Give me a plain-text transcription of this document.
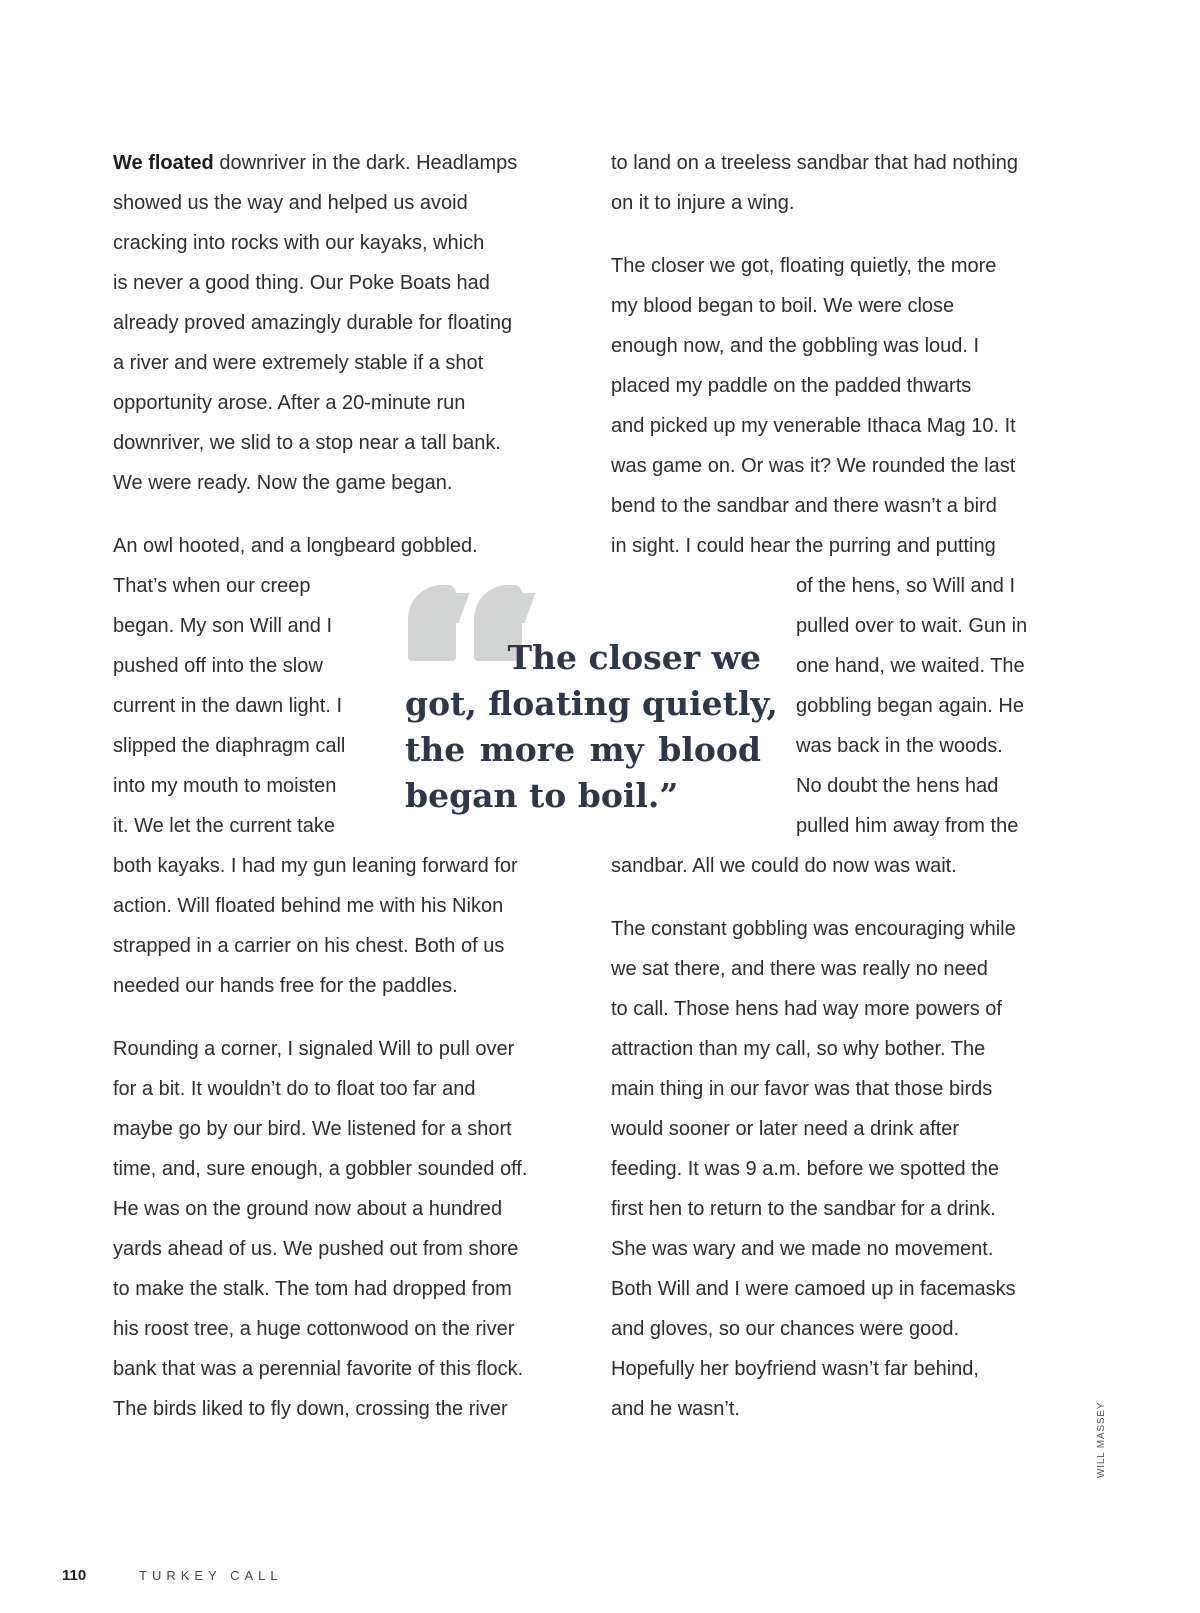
We floated downriver in the dark. Headlamps
showed us the way and helped us avoid
cracking into rocks with our kayaks, which
is never a good thing. Our Poke Boats had
already proved amazingly durable for floating
a river and were extremely stable if a shot
opportunity arose. After a 20-minute run
downriver, we slid to a stop near a tall bank.
We were ready. Now the game began.
An owl hooted, and a longbeard gobbled.
That’s when our creep
began. My son Will and I
pushed off into the slow
current in the dawn light. I
slipped the diaphragm call
into my mouth to moisten
it. We let the current take
both kayaks. I had my gun leaning forward for
action. Will floated behind me with his Nikon
strapped in a carrier on his chest. Both of us
needed our hands free for the paddles.
Rounding a corner, I signaled Will to pull over
for a bit. It wouldn’t do to float too far and
maybe go by our bird. We listened for a short
time, and, sure enough, a gobbler sounded off.
He was on the ground now about a hundred
yards ahead of us. We pushed out from shore
to make the stalk. The tom had dropped from
his roost tree, a huge cottonwood on the river
bank that was a perennial favorite of this flock.
The birds liked to fly down, crossing the river
to land on a treeless sandbar that had nothing
on it to injure a wing.
The closer we got, floating quietly, the more
my blood began to boil. We were close
enough now, and the gobbling was loud. I
placed my paddle on the padded thwarts
and picked up my venerable Ithaca Mag 10. It
was game on. Or was it? We rounded the last
bend to the sandbar and there wasn’t a bird
in sight. I could hear the purring and putting
of the hens, so Will and I
pulled over to wait. Gun in
one hand, we waited. The
gobbling began again. He
was back in the woods.
No doubt the hens had
pulled him away from the
sandbar. All we could do now was wait.
The constant gobbling was encouraging while
we sat there, and there was really no need
to call. Those hens had way more powers of
attraction than my call, so why bother. The
main thing in our favor was that those birds
would sooner or later need a drink after
feeding. It was 9 a.m. before we spotted the
first hen to return to the sandbar for a drink.
She was wary and we made no movement.
Both Will and I were camoed up in facemasks
and gloves, so our chances were good.
Hopefully her boyfriend wasn’t far behind,
and he wasn’t.
The closer we
got, floating quietly,
the more my blood
began to boil.”
WILL MASSEY
110	TURKEY CALL
